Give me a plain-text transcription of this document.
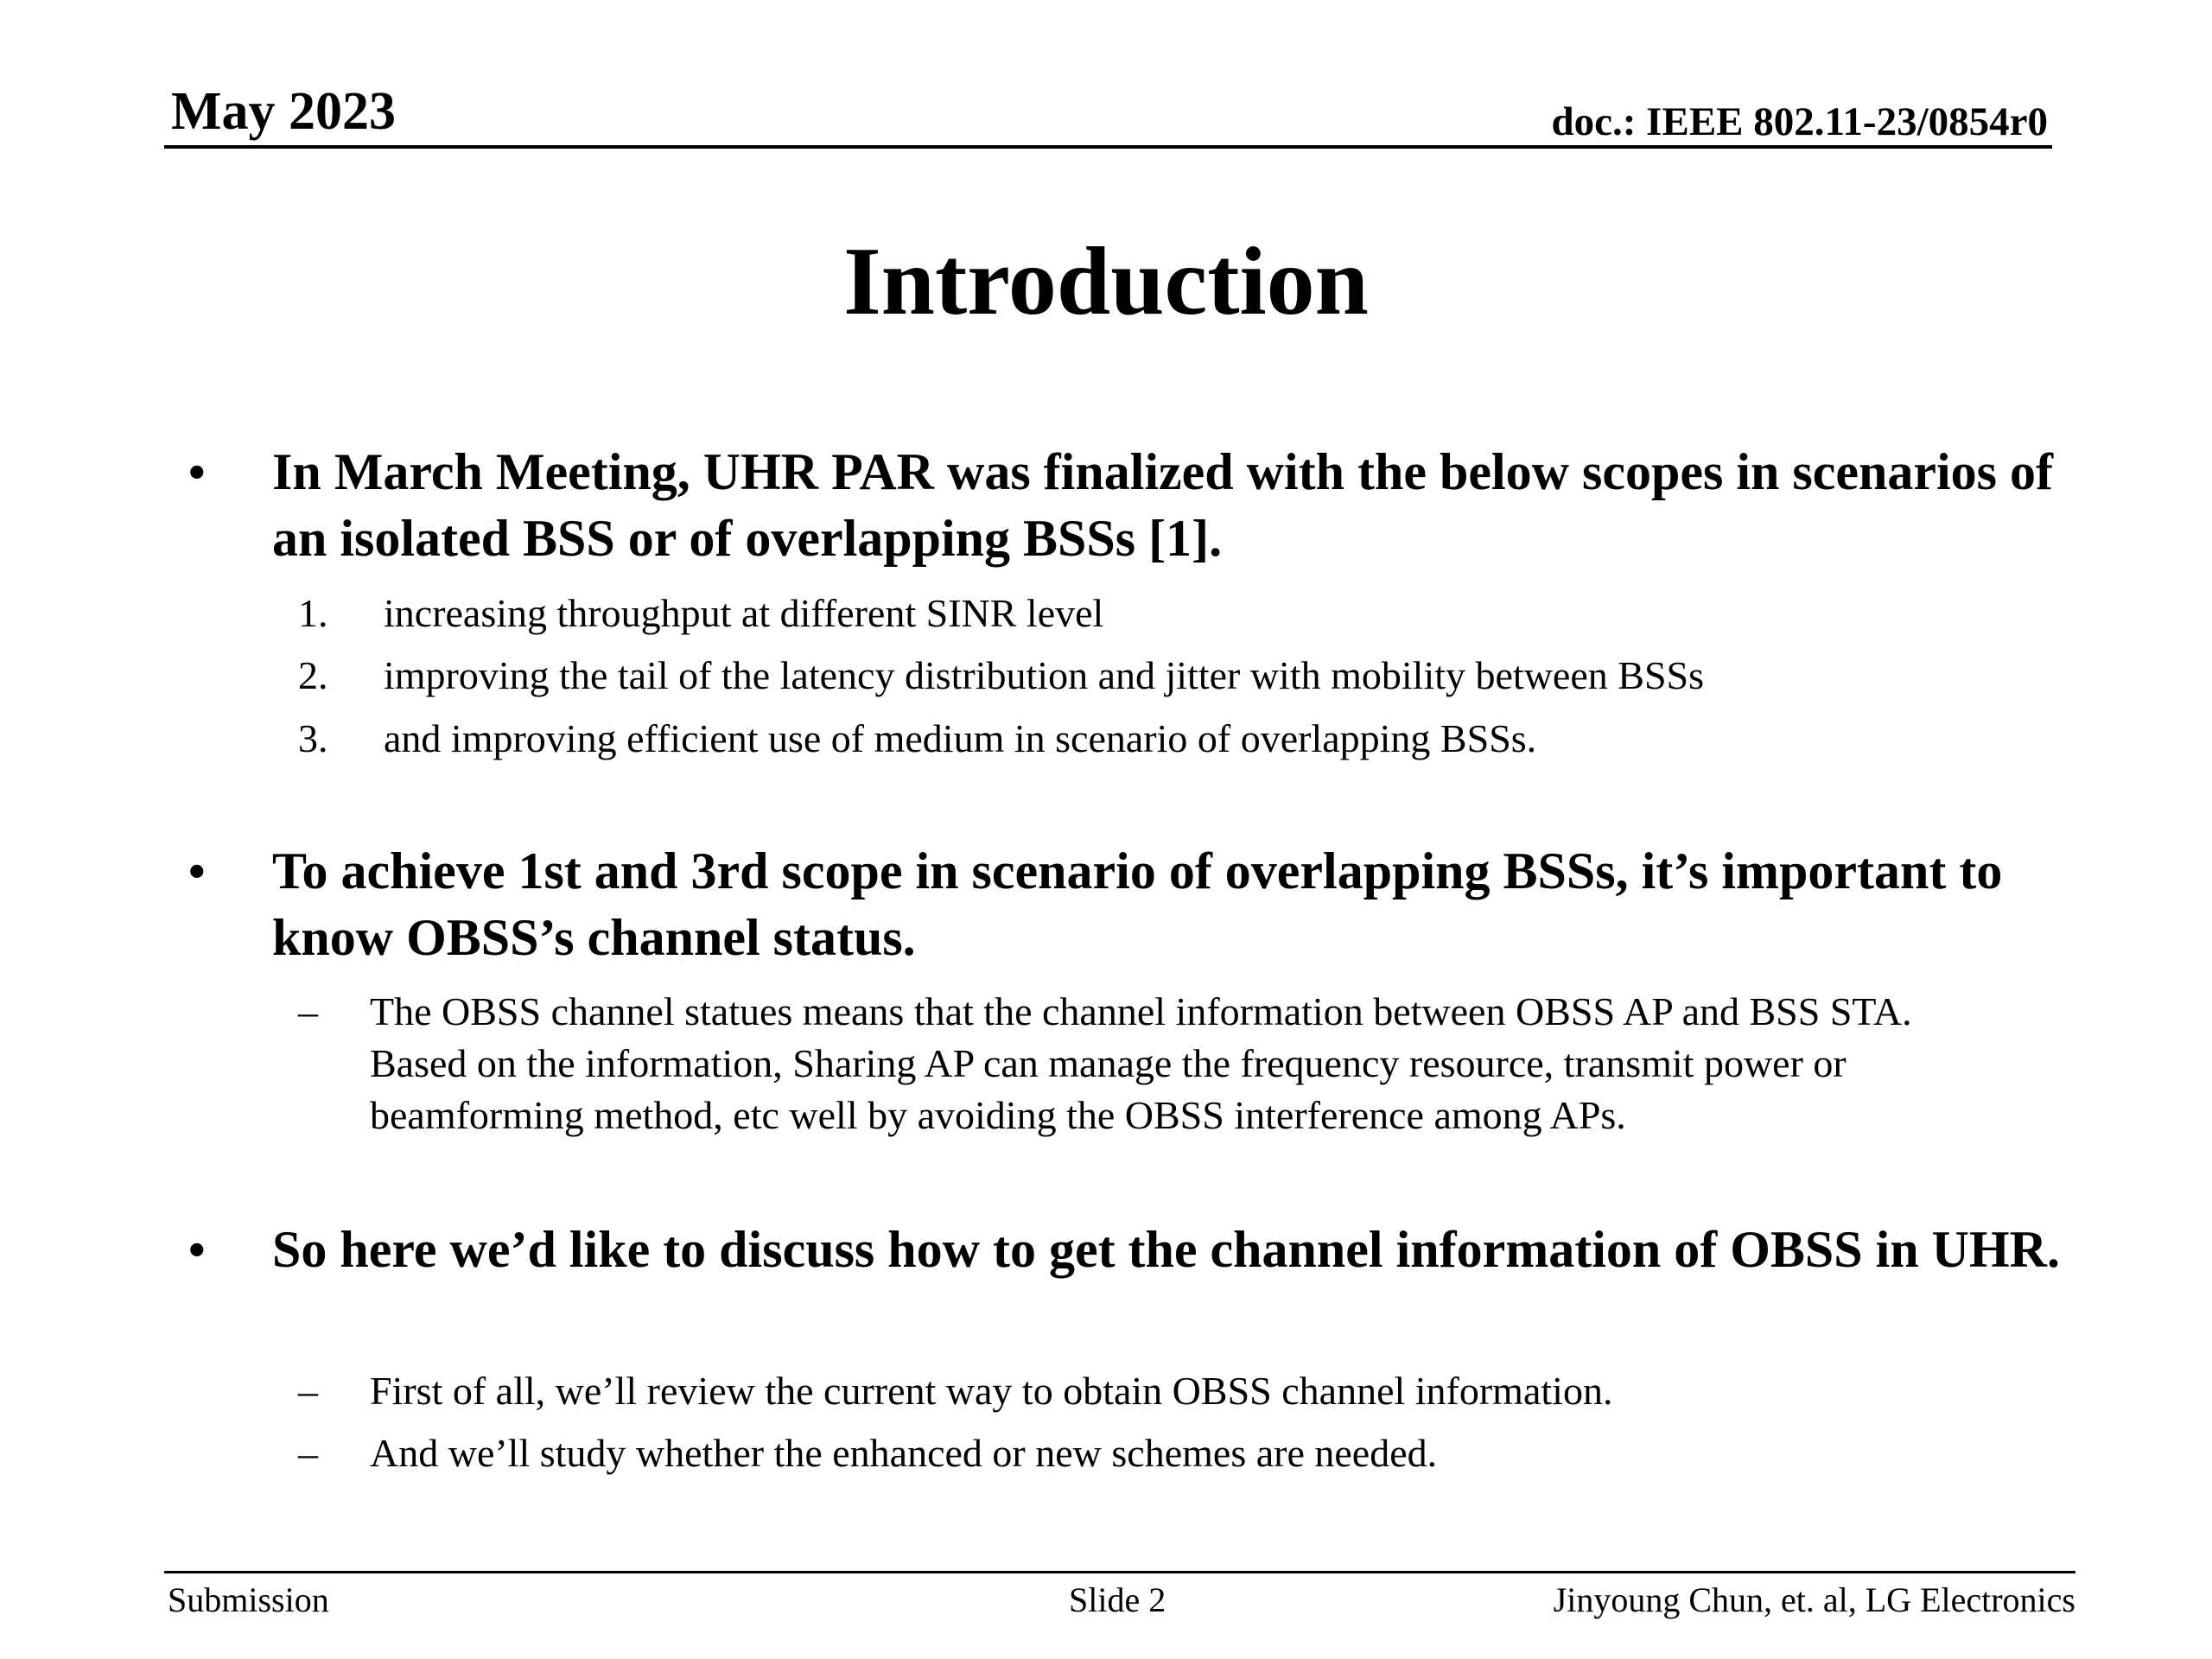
May 2023	doc.: IEEE 802.11-23/0854r0
Introduction
• In March Meeting, UHR PAR was finalized with the below scopes in scenarios of an isolated BSS or of overlapping BSSs [1].
1. increasing throughput at different SINR level
2. improving the tail of the latency distribution and jitter with mobility between BSSs
3. and improving efficient use of medium in scenario of overlapping BSSs.
• To achieve 1st and 3rd scope in scenario of overlapping BSSs, it’s important to know OBSS’s channel status.
– The OBSS channel statues means that the channel information between OBSS AP and BSS STA. Based on the information, Sharing AP can manage the frequency resource, transmit power or beamforming method, etc well by avoiding the OBSS interference among APs.
• So here we’d like to discuss how to get the channel information of OBSS in UHR.
– First of all, we’ll review the current way to obtain OBSS channel information.
– And we’ll study whether the enhanced or new schemes are needed.
Submission	Slide 2	Jinyoung Chun, et. al, LG Electronics
